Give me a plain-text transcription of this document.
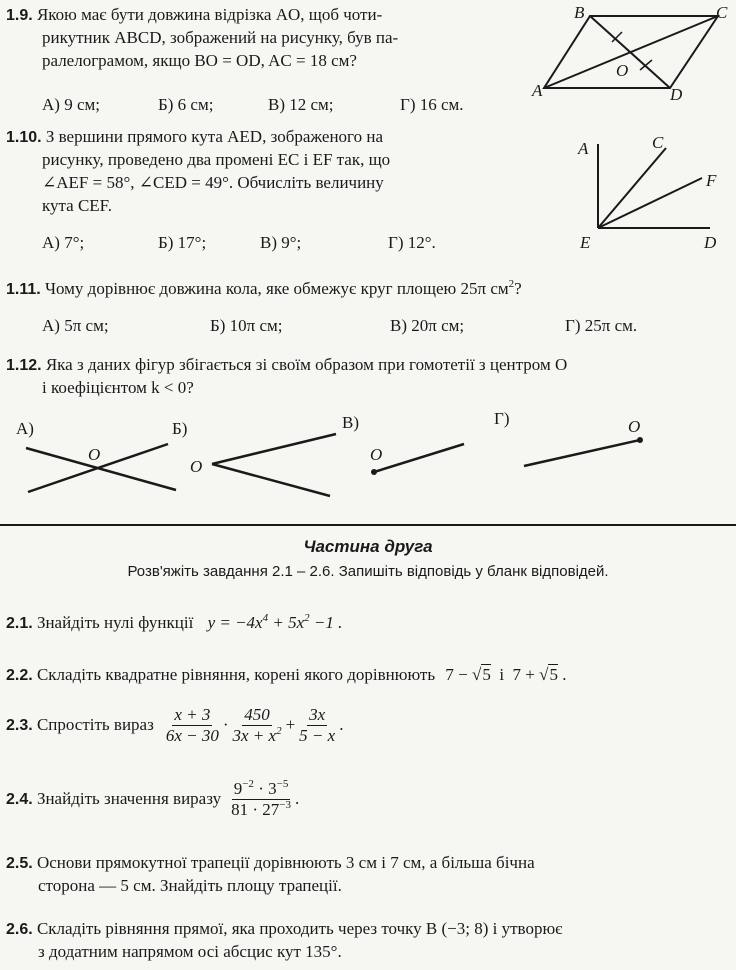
1.9. Якою має бути довжина відрізка AO, щоб чоти-
рикутник ABCD, зображений на рисунку, був па-
ралелограмом, якщо BO = OD, AC = 18 см?
А) 9 см;	Б) 6 см;	В) 12 см;	Г) 16 см.
B	C
O
A	D
1.10. З вершини прямого кута AED, зображеного на
рисунку, проведено два промені EC і EF так, що
∠AEF = 58°, ∠CED = 49°. Обчисліть величину
кута CEF.
А) 7°;	Б) 17°;	В) 9°;	Г) 12°.
A	C
F
E	D
1.11. Чому дорівнює довжина кола, яке обмежує круг площею 25π $см^2$?
А) 5π см;	Б) 10π см;	В) 20π см;	Г) 25π см.
1.12. Яка з даних фігур збігається зі своїм образом при гомотетії з центром O
і коефіцієнтом k < 0?
А)	Б)	В)	Г)
O
O
O
O
Частина друга
Розв'яжіть завдання 2.1 – 2.6. Запишіть відповідь у бланк відповідей.
2.1. Знайдіть нулі функції $y = -4x^4 + 5x^2 -1$ .
2.2. Складіть квадратне рівняння, корені якого дорівнюють 7 − √5  і  7 + √5 .
2.3.
Спростіть вираз $\frac{x + 3}{6x - 30} \cdot \frac{450}{3x + x^2} + \frac{3x}{5 - x}$ .
2.4.
Знайдіть значення виразу $\frac{9^{-2} \cdot 3^{-5}}{81 \cdot 27^{-3}}$ .
2.5. Основи прямокутної трапеції дорівнюють 3 см і 7 см, а більша бічна
сторона — 5 см. Знайдіть площу трапеції.
2.6. Складіть рівняння прямої, яка проходить через точку B (−3; 8) і утворює
з додатним напрямом осі абсцис кут 135°.
